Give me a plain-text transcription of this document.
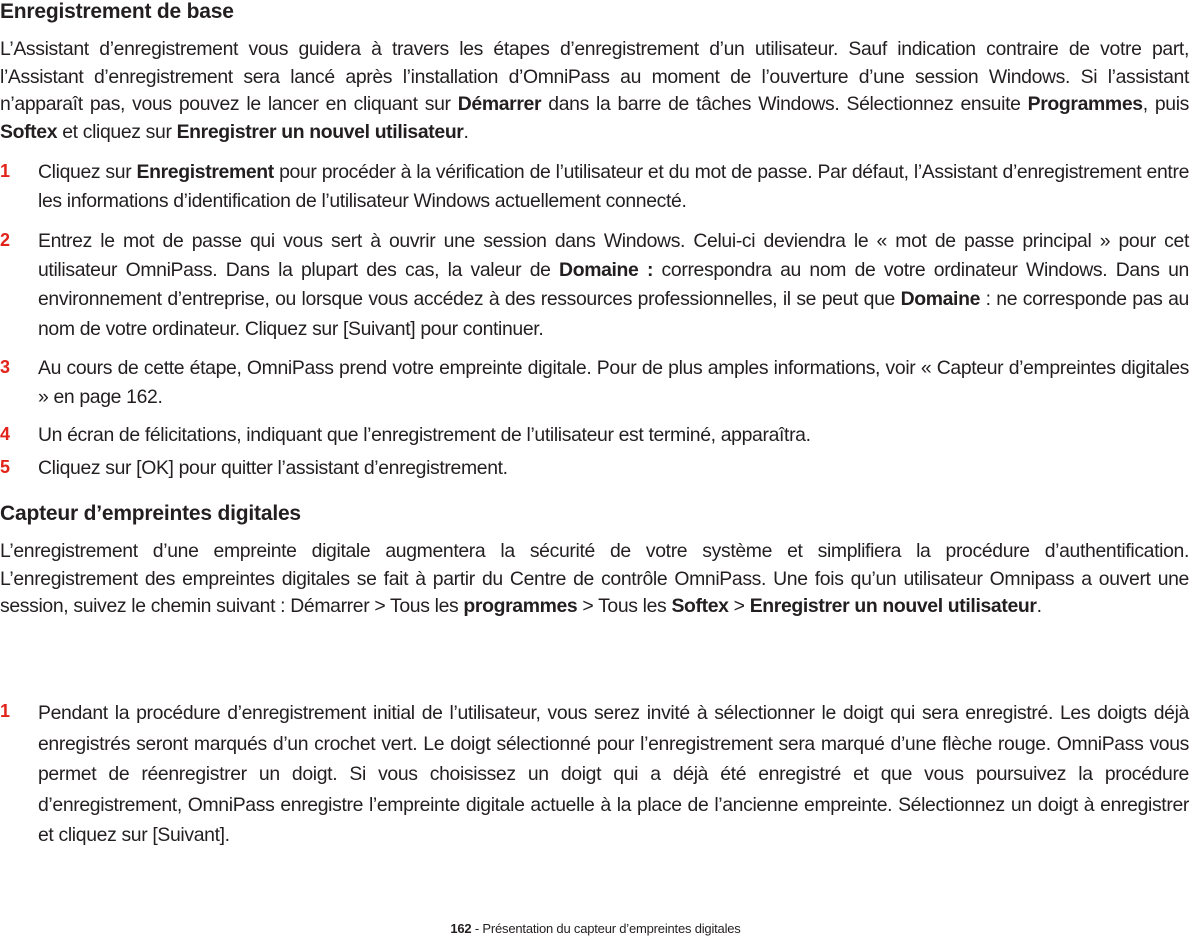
Enregistrement de base
L’Assistant d’enregistrement vous guidera à travers les étapes d’enregistrement d’un utilisateur. Sauf indication contraire de votre part, l’Assistant d’enregistrement sera lancé après l’installation d’OmniPass au moment de l’ouverture d’une session Windows. Si l’assistant n’apparaît pas, vous pouvez le lancer en cliquant sur Démarrer dans la barre de tâches Windows. Sélectionnez ensuite Programmes, puis Softex et cliquez sur Enregistrer un nouvel utilisateur.
1 Cliquez sur Enregistrement pour procéder à la vérification de l’utilisateur et du mot de passe. Par défaut, l’Assistant d’enregistrement entre les informations d’identification de l’utilisateur Windows actuellement connecté.
2 Entrez le mot de passe qui vous sert à ouvrir une session dans Windows. Celui-ci deviendra le « mot de passe principal » pour cet utilisateur OmniPass. Dans la plupart des cas, la valeur de Domaine : correspondra au nom de votre ordinateur Windows. Dans un environnement d’entreprise, ou lorsque vous accédez à des ressources professionnelles, il se peut que Domaine : ne corresponde pas au nom de votre ordinateur. Cliquez sur [Suivant] pour continuer.
3 Au cours de cette étape, OmniPass prend votre empreinte digitale. Pour de plus amples informations, voir « Capteur d’empreintes digitales » en page 162.
4 Un écran de félicitations, indiquant que l’enregistrement de l’utilisateur est terminé, apparaîtra.
5 Cliquez sur [OK] pour quitter l’assistant d’enregistrement.
Capteur d’empreintes digitales
L’enregistrement d’une empreinte digitale augmentera la sécurité de votre système et simplifiera la procédure d’authentification. L’enregistrement des empreintes digitales se fait à partir du Centre de contrôle OmniPass. Une fois qu’un utilisateur Omnipass a ouvert une session, suivez le chemin suivant : Démarrer > Tous les programmes > Tous les Softex > Enregistrer un nouvel utilisateur.
1 Pendant la procédure d’enregistrement initial de l’utilisateur, vous serez invité à sélectionner le doigt qui sera enregistré. Les doigts déjà enregistrés seront marqués d’un crochet vert. Le doigt sélectionné pour l’enregistrement sera marqué d’une flèche rouge. OmniPass vous permet de réenregistrer un doigt. Si vous choisissez un doigt qui a déjà été enregistré et que vous poursuivez la procédure d’enregistrement, OmniPass enregistre l’empreinte digitale actuelle à la place de l’ancienne empreinte. Sélectionnez un doigt à enregistrer et cliquez sur [Suivant].
162 - Présentation du capteur d’empreintes digitales
